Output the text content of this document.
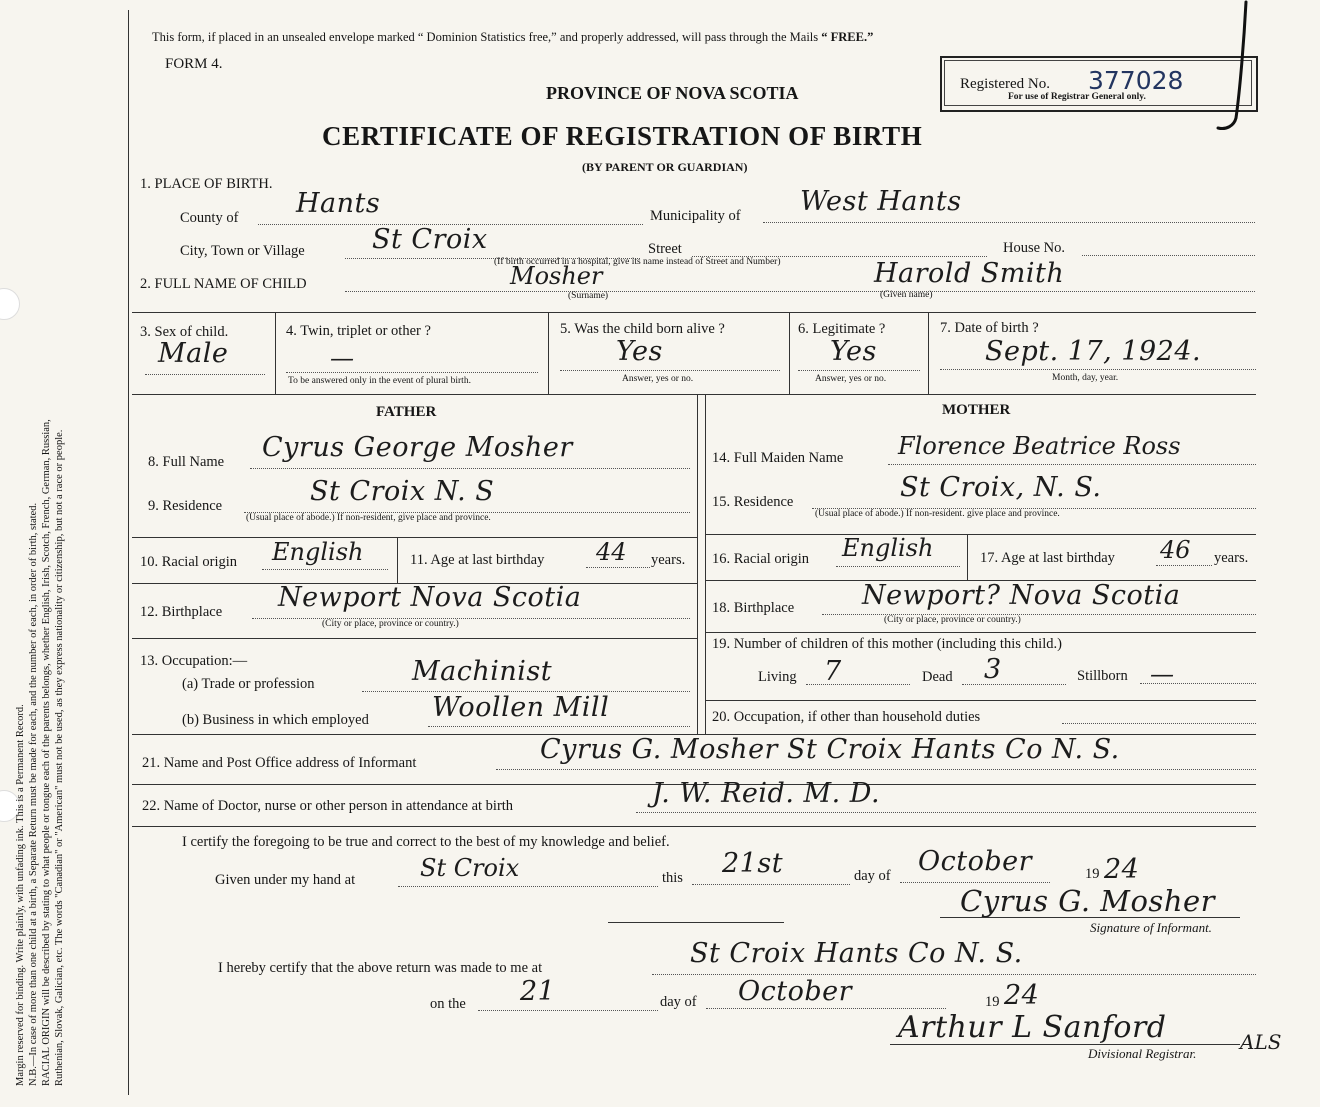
Margin reserved for binding. Write plainly, with unfading ink. This is a Permanent Record. N.B.—In case of more than one child at a birth, a Separate Return must be made for each, and the number of each, in order of birth, stated. RACIAL ORIGIN will be described by stating to what people or tongue each of the parents belongs, whether English, Irish, Scotch, French, German, Russian, Ruthenian, Slovak, Galician, etc. The words "Canadian" or "American" must not be used, as they express nationality or citizenship, but not a race or people.
This form, if placed in an unsealed envelope marked “ Dominion Statistics free,” and properly addressed, will pass through the Mails “ FREE.”
FORM 4.
PROVINCE OF NOVA SCOTIA	Registered No. 377028
For use of Registrar General only.
CERTIFICATE OF REGISTRATION OF BIRTH
(BY PARENT OR GUARDIAN)
1. PLACE OF BIRTH.
County of Hants	Municipality of West Hants
City, Town or Village St Croix	Street	House No.
(If birth occurred in a hospital, give its name instead of Street and Number)
2. FULL NAME OF CHILD	Mosher
(Surname)
Harold Smith
(Given name)
3. Sex of child.
Male
4. Twin, triplet or other ?
—
To be answered only in the event of plural birth.
5. Was the child born alive ?
Yes
Answer, yes or no.
6. Legitimate ?
Yes
Answer, yes or no.
7. Date of birth ?
Sept. 17, 1924.
Month, day, year.
FATHER	MOTHER
8. Full Name Cyrus George Mosher
9. Residence	St Croix N. S
(Usual place of abode.) If non-resident, give place and province.
10. Racial origin English	11. Age at last birthday 44 years.
12. Birthplace Newport Nova Scotia
(City or place, province or country.)
13. Occupation:—
(a) Trade or profession	Machinist
(b) Business in which employed Woollen Mill
14. Full Maiden Name Florence Beatrice Ross
15. Residence	St Croix, N. S.
(Usual place of abode.) If non-resident. give place and province.
16. Racial origin English	17. Age at last birthday 46 years.
18. Birthplace	Newport? Nova Scotia
(City or place, province or country.)
19. Number of children of this mother (including this child.)
Living 7	Dead 3	Stillborn —
20. Occupation, if other than household duties
21. Name and Post Office address of Informant	Cyrus G. Mosher St Croix Hants Co N. S.
22. Name of Doctor, nurse or other person in attendance at birth	J. W. Reid. M. D.
I certify the foregoing to be true and correct to the best of my knowledge and belief.
Given under my hand at	St Croix	this 21st	day of October	19 24
Cyrus G. Mosher
Signature of Informant.
I hereby certify that the above return was made to me at	St Croix Hants Co N. S.
on the 21	day of October	19 24
Arthur L Sanford
Divisional Registrar. ALS
